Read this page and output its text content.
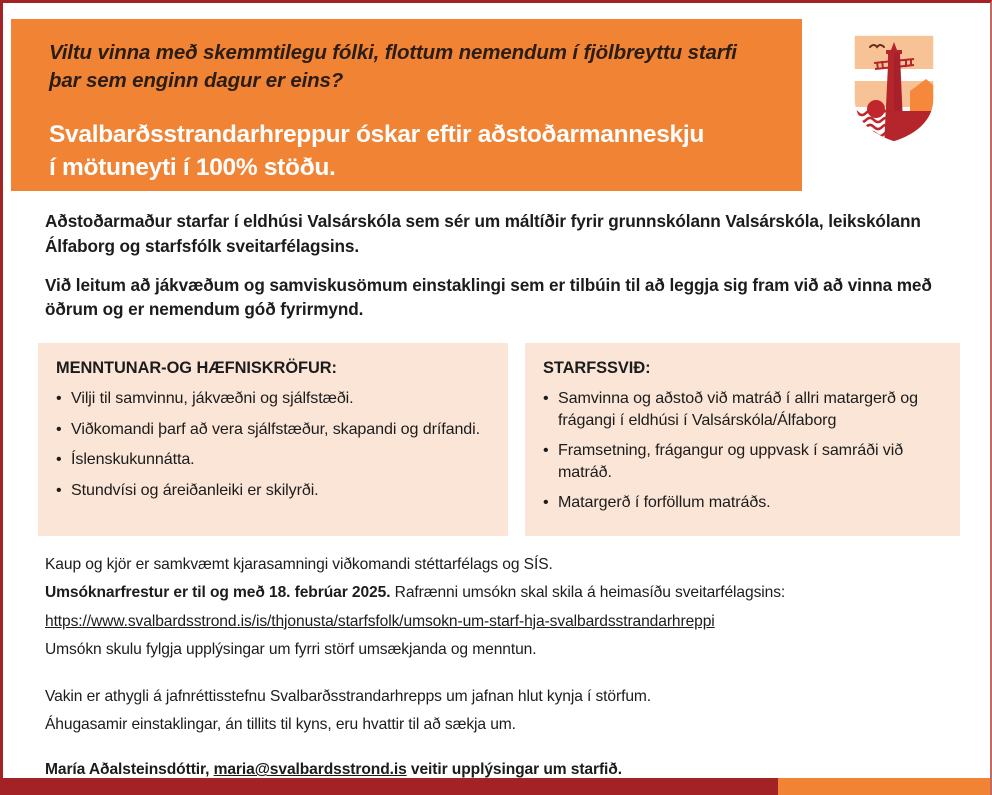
Viltu vinna með skemmtilegu fólki, flottum nemendum í fjölbreyttu starfi
þar sem enginn dagur er eins?
Svalbarðsstrandarhreppur óskar eftir aðstoðarmanneskju
í mötuneyti í 100% stöðu.

Aðstoðarmaður starfar í eldhúsi Valsárskóla sem sér um máltíðir fyrir grunnskólann Valsárskóla, leikskólann Álfaborg og starfsfólk sveitarfélagsins.

Við leitum að jákvæðum og samviskusömum einstaklingi sem er tilbúin til að leggja sig fram við að vinna með öðrum og er nemendum góð fyrirmynd.

MENNTUNAR-OG HÆFNISKRÖFUR:
• Vilji til samvinnu, jákvæðni og sjálfstæði.
• Viðkomandi þarf að vera sjálfstæður, skapandi og drífandi.
• Íslenskukunnátta.
• Stundvísi og áreiðanleiki er skilyrði.
STARFSSVIÐ:
• Samvinna og aðstoð við matráð í allri matargerð og frágangi í eldhúsi í Valsárskóla/Álfaborg
• Framsetning, frágangur og uppvask í samráði við matráð.
• Matargerð í forföllum matráðs.

Kaup og kjör er samkvæmt kjarasamningi viðkomandi stéttarfélags og SÍS.

Umsóknarfrestur er til og með 18. febrúar 2025. Rafrænni umsókn skal skila á heimasíðu sveitarfélagsins:

https://www.svalbardsstrond.is/is/thjonusta/starfsfolk/umsokn-um-starf-hja-svalbardsstrandarhreppi

Umsókn skulu fylgja upplýsingar um fyrri störf umsækjanda og menntun.

Vakin er athygli á jafnréttisstefnu Svalbarðsstrandarhrepps um jafnan hlut kynja í störfum.

Áhugasamir einstaklingar, án tillits til kyns, eru hvattir til að sækja um.

María Aðalsteinsdóttir, maria@svalbardsstrond.is veitir upplýsingar um starfið.
